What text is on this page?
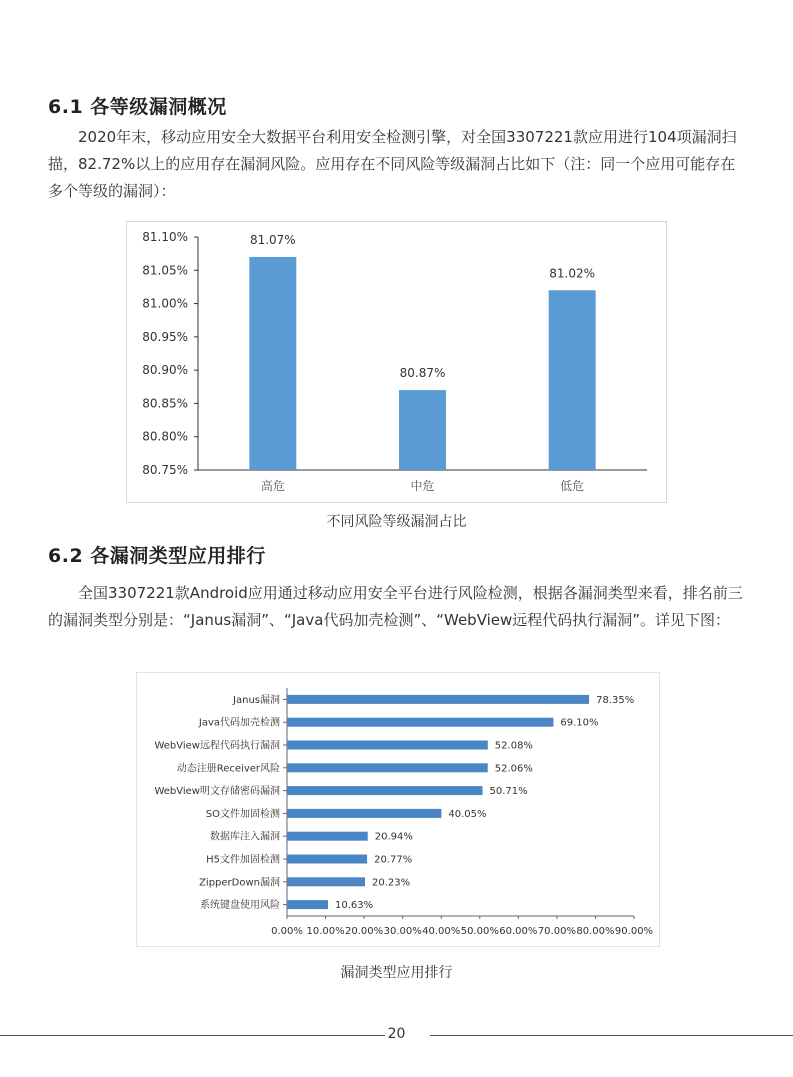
6.1 各等级漏洞概况

2020年末，移动应用安全大数据平台利用安全检测引擎，对全国3307221款应用进行104项漏洞扫描，82.72%以上的应用存在漏洞风险。应用存在不同风险等级漏洞占比如下（注：同一个应用可能存在多个等级的漏洞）：

81.10%
81.05%
81.00%
80.95%
80.90%
80.85%
80.80%
80.75%
81.07%
高危
80.87%
中危
81.02%
低危
不同风险等级漏洞占比
6.2 各漏洞类型应用排行

全国3307221款Android应用通过移动应用安全平台进行风险检测，根据各漏洞类型来看，排名前三的漏洞类型分别是：“Janus漏洞”、“Java代码加壳检测”、“WebView远程代码执行漏洞”。详见下图：

0.00% 10.00% 20.00% 30.00% 40.00% 50.00% 60.00% 70.00% 80.00% 90.00%
78.35%
Janus漏洞
69.10%
Java代码加壳检测
52.08%
WebView远程代码执行漏洞
52.06%
动态注册Receiver风险
50.71%
WebView明文存储密码漏洞
40.05%
SO文件加固检测
20.94%
数据库注入漏洞
20.77%
H5文件加固检测
20.23%
ZipperDown漏洞
10.63%
系统键盘使用风险
漏洞类型应用排行
20
